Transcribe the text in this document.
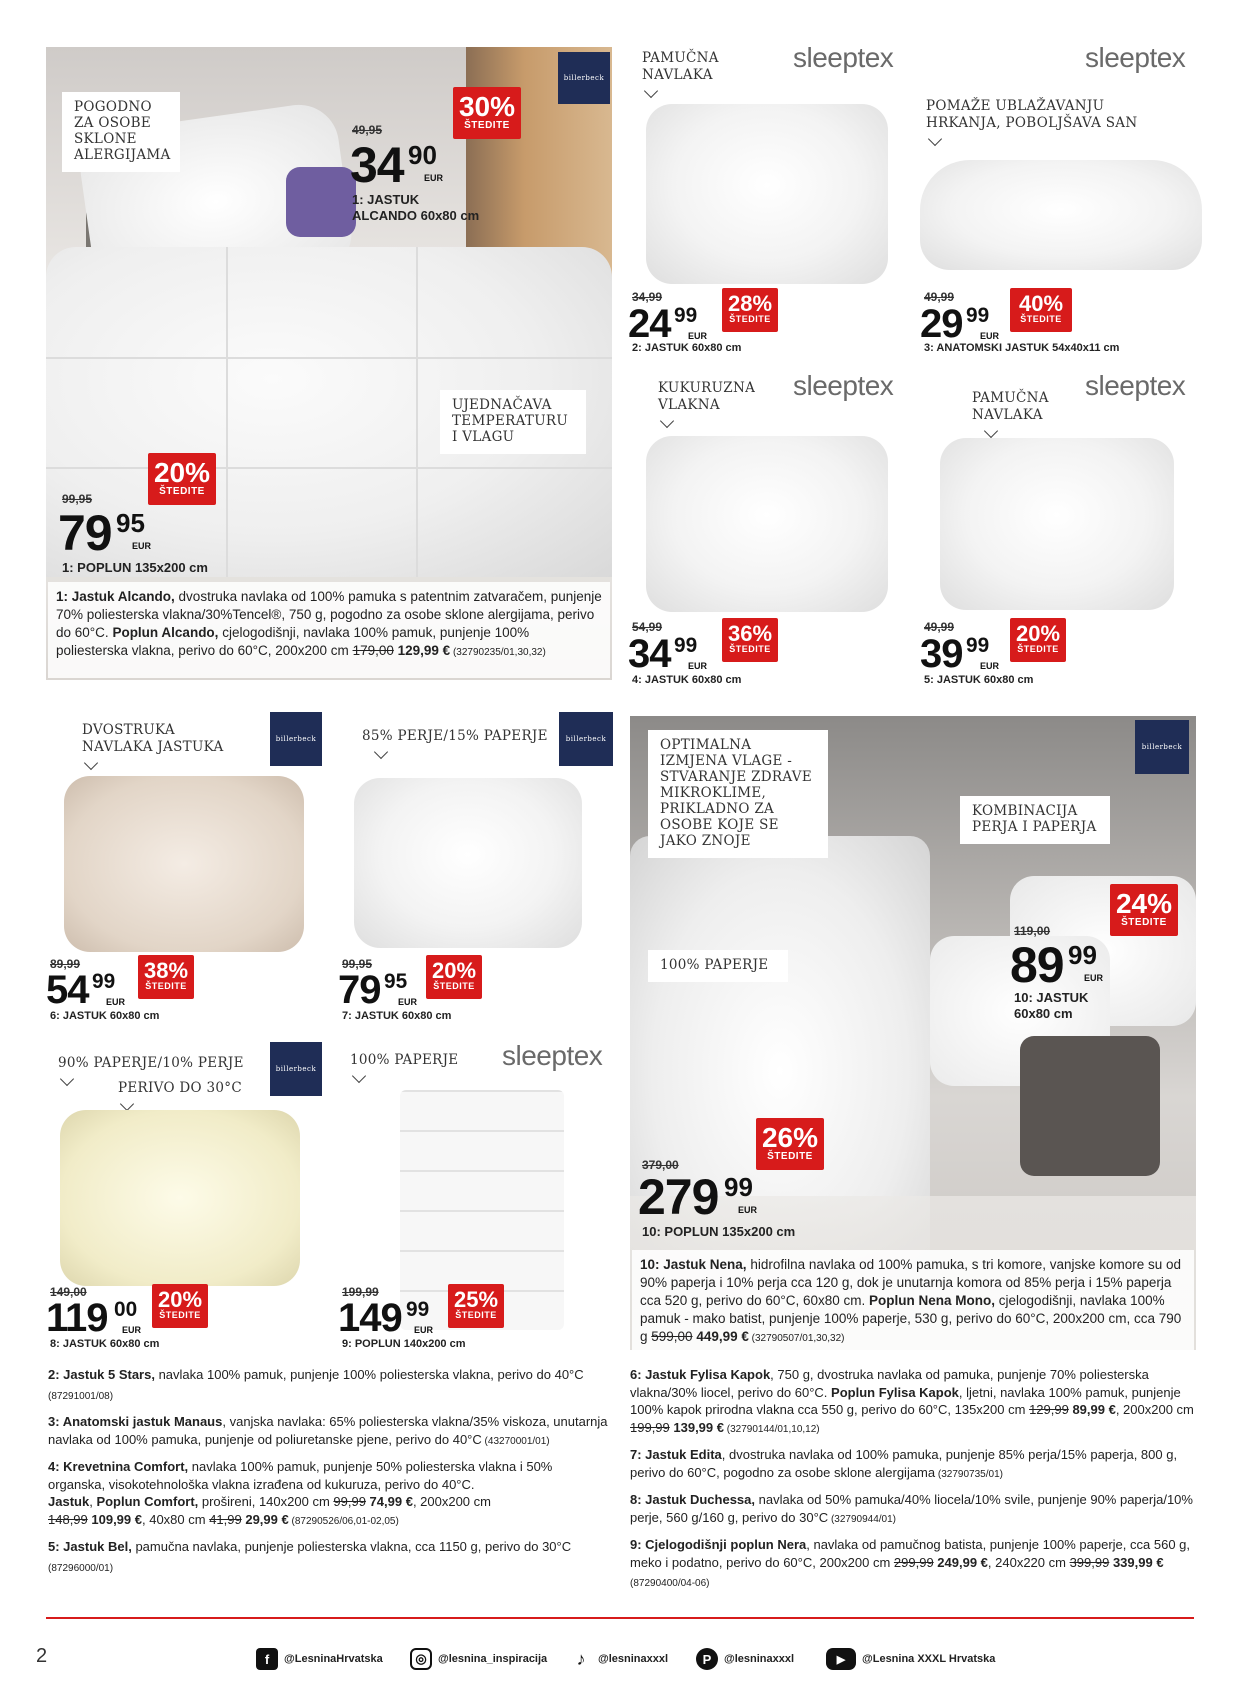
billerbeck
POGODNO ZA OSOBE SKLONE ALERGIJAMA
UJEDNAČAVA TEMPERATURU I VLAGU
30%
ŠTEDITE
49,95
34 90
EUR
1: JASTUK
ALCANDO 60x80 cm
20%
ŠTEDITE
99,95
79 95
EUR
1: POPLUN 135x200 cm
1: Jastuk Alcando, dvostruka navlaka od 100% pamuka s patentnim zatvaračem, punjenje 70% poliesterska vlakna/30%Tencel®, 750 g, pogodno za osobe sklone alergijama, perivo do 60°C. Poplun Alcando, cjelogodišnji, navlaka 100% pamuk, punjenje 100% poliesterska vlakna, perivo do 60°C, 200x200 cm 179,00 129,99 € (32790235/01,30,32)
PAMUČNA NAVLAKA
sleeptex
34,99
24 99
EUR
28%
ŠTEDITE
2: JASTUK 60x80 cm
sleeptex
POMAŽE UBLAŽAVANJU HRKANJA, POBOLJŠAVA SAN
49,99
29 99
EUR
40%
ŠTEDITE
3: ANATOMSKI JASTUK 54x40x11 cm
KUKURUZNA VLAKNA
sleeptex
54,99
34 99
EUR
36%
ŠTEDITE
4: JASTUK 60x80 cm
PAMUČNA NAVLAKA
sleeptex
49,99
39 99
EUR
20%
ŠTEDITE
5: JASTUK 60x80 cm
DVOSTRUKA NAVLAKA JASTUKA	billerbeck
89,99
54 99
EUR
38%
ŠTEDITE
6: JASTUK 60x80 cm
85% PERJE/15% PAPERJE	billerbeck
99,95
79 95
EUR
20%
ŠTEDITE
7: JASTUK 60x80 cm
90% PAPERJE/10% PERJE
PERIVO DO 30°C
billerbeck
149,00
119 00
EUR
20%
ŠTEDITE
8: JASTUK 60x80 cm
100% PAPERJE	sleeptex
199,99
149 99
EUR
25%
ŠTEDITE
9: POPLUN 140x200 cm
billerbeck
OPTIMALNA IZMJENA VLAGE - STVARANJE ZDRAVE MIKROKLIME, PRIKLADNO ZA OSOBE KOJE SE JAKO ZNOJE
KOMBINACIJA PERJA I PAPERJA
100% PAPERJE
24%
ŠTEDITE
119,00
89 99
EUR
10: JASTUK
60x80 cm
26%
ŠTEDITE
379,00
279 99
EUR
10: POPLUN 135x200 cm
10: Jastuk Nena, hidrofilna navlaka od 100% pamuka, s tri komore, vanjske komore su od 90% paperja i 10% perja cca 120 g, dok je unutarnja komora od 85% perja i 15% paperja cca 520 g, perivo do 60°C, 60x80 cm. Poplun Nena Mono, cjelogodišnji, navlaka 100% pamuk - mako batist, punjenje 100% paperje, 530 g, perivo do 60°C, 200x200 cm, cca 790 g 599,00 449,99 € (32790507/01,30,32)

2: Jastuk 5 Stars, navlaka 100% pamuk, punjenje 100% poliesterska vlakna, perivo do 40°C (87291001/08)

3: Anatomski jastuk Manaus, vanjska navlaka: 65% poliesterska vlakna/35% viskoza, unutarnja navlaka od 100% pamuka, punjenje od poliuretanske pjene, perivo do 40°C (43270001/01)

4: Krevetnina Comfort, navlaka 100% pamuk, punjenje 50% poliesterska vlakna i 50% organska, visokotehnološka vlakna izrađena od kukuruza, perivo do 40°C.
Jastuk, Poplun Comfort, prošireni, 140x200 cm 99,99 74,99 €, 200x200 cm
148,99 109,99 €, 40x80 cm 41,99 29,99 € (87290526/06,01-02,05)

5: Jastuk Bel, pamučna navlaka, punjenje poliesterska vlakna, cca 1150 g, perivo do 30°C (87296000/01)

6: Jastuk Fylisa Kapok, 750 g, dvostruka navlaka od pamuka, punjenje 70% poliesterska vlakna/30% liocel, perivo do 60°C. Poplun Fylisa Kapok, ljetni, navlaka 100% pamuk, punjenje 100% kapok prirodna vlakna cca 550 g, perivo do 60°C, 135x200 cm 129,99 89,99 €, 200x200 cm 199,99 139,99 € (32790144/01,10,12)

7: Jastuk Edita, dvostruka navlaka od 100% pamuka, punjenje 85% perja/15% paperja, 800 g, perivo do 60°C, pogodno za osobe sklone alergijama (32790735/01)

8: Jastuk Duchessa, navlaka od 50% pamuka/40% liocela/10% svile, punjenje 90% paperja/10% perje, 560 g/160 g, perivo do 30°C (32790944/01)

9: Cjelogodišnji poplun Nera, navlaka od pamučnog batista, punjenje 100% paperje, cca 560 g, meko i podatno, perivo do 60°C, 200x200 cm 299,99 249,99 €, 240x220 cm 399,99 339,99 € (87290400/04-06)

2	f	@LesninaHrvatska	◎	@lesnina_inspiracija	♪	@lesninaxxxl	P	@lesninaxxxl	▶	@Lesnina XXXL Hrvatska
